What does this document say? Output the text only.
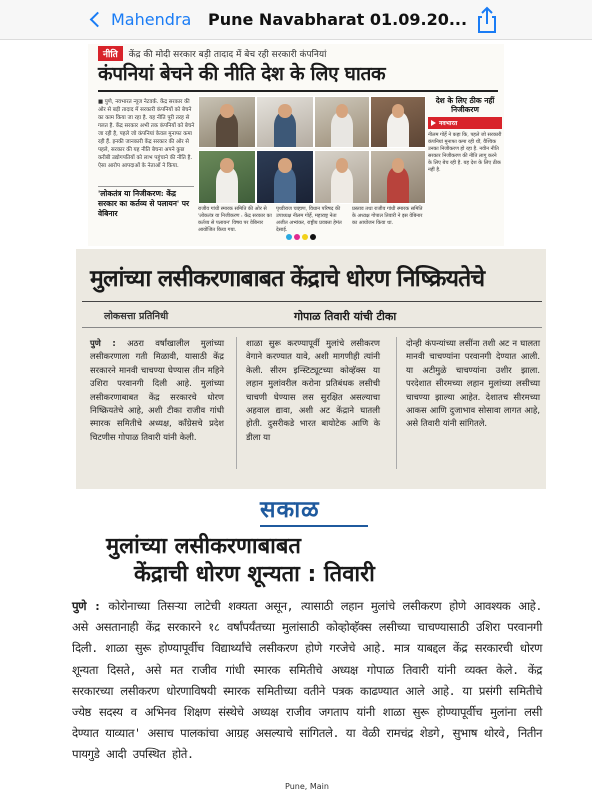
Mahendra Pune Navabharat 01.09.20...
नीति	केंद्र की मोदी सरकार बड़ी तादाद में बेच रही सरकारी कंपनियां
कंपनियां बेचने की नीति देश के लिए घातक
■ पुणे, नवभारत न्यूज नेटवर्क. केंद्र सरकार की ओर से बड़ी तादाद में सरकारी कंपनियों को बेचने का काम किया जा रहा है. यह नीति पूरी तरह से गलत है. केंद्र सरकार अभी तक कंपनियों को बेचने जा रही है, पहले जो कंपनियां केवल मुनाफा कमा रही हैं. इनकी जानकारी केंद्र सरकार की ओर से पहले, सरकार की यह नीति बेचना अपने कुछ करीबी उद्योगपतियों को लाभ पहुंचाने की नीति है. ऐसा आरोप आपदाओं के नेताओं ने किया.
राजीव गांधी स्मारक समिति की ओर से 'लोकतंत्र या निजीकरण : केंद्र सरकार का कर्तव्य से पलायन' विषय पर वेबिनार आयोजित किया गया.
पृथ्वीराज चव्हाण, विधान परिषद की उपाध्यक्ष नीलम गोर्हे, महाराष्ट्र नेता अजीत अभ्यंकर, राष्ट्रीय प्रवक्ता हेमंत देसाई.
प्रस्ताव तथा राजीव गांधी स्मारक समिति के अध्यक्ष गोपाल तिवारी ने इस वेबिनार का आयोजन किया था.
देश के लिए ठीक नहीं निजीकरण
नवभारत
नीलम गोर्हे ने कहा कि, पहले जो सरकारी कंपनियां मुनाफा कमा रही थीं, वैश्विक उनका निजीकरण हो रहा है. नवीन नीति सरकार निजीकरण की नीति लागू करने के लिए बेच रही है. यह देश के लिए ठीक नहीं है.
'लोकतंत्र या निजीकरण: केंद्र सरकार का कर्तव्य से पलायन' पर वेबिनार
मुलांच्या लसीकरणाबाबत केंद्राचे धोरण निष्क्रियतेचे
लोकसत्ता प्रतिनिधी	गोपाळ तिवारी यांची टीका
पुणे : अठरा वर्षांखालील मुलांच्या लसीकरणाला गती मिळावी, यासाठी केंद्र सरकारने मानवी चाचण्या घेण्यास तीन महिने उशिरा परवानगी दिली आहे. मुलांच्या लसीकरणाबाबत केंद्र सरकारचे धोरण निष्क्रियतेचे आहे, अशी टीका राजीव गांधी स्मारक समितीचे अध्यक्ष, काँग्रेसचे प्रदेश चिटणीस गोपाळ तिवारी यांनी केली.
शाळा सुरू करण्यापूर्वी मुलांचे लसीकरण वेगाने करण्यात यावे, अशी मागणीही त्यांनी केली. सीरम इन्स्टिट्यूटच्या कोव्हॅक्स या लहान मुलांवरील करोना प्रतिबंधक लसीची चाचणी घेण्यास लस सुरक्षित असल्याचा अहवाल द्यावा, अशी अट केंद्राने घातली होती. दुसरीकडे भारत बायोटेक आणि के डीला या
दोन्ही कंपन्यांच्या लसींना तशी अट न घालता मानवी चाचण्यांना परवानगी देण्यात आली. या अटीमुळे चाचण्यांना उशीर झाला. परदेशात सीरमच्या लहान मुलांच्या लसीच्या चाचण्या झाल्या आहेत. देशातच सीरमच्या आकस आणि दुजाभाव सोसावा लागत आहे, असे तिवारी यांनी सांगितले.
सकाळ
मुलांच्या लसीकरणाबाबत
केंद्राची धोरण शून्यता : तिवारी
पुणे : कोरोनाच्या तिसऱ्या लाटेची शक्यता असून, त्यासाठी लहान मुलांचे लसीकरण होणे आवश्यक आहे. असे असतानाही केंद्र सरकारने १८ वर्षांपर्यंतच्या मुलांसाठी कोव्होव्हॅक्स लसीच्या चाचण्यासाठी उशिरा परवानगी दिली. शाळा सुरू होण्यापूर्वीच विद्यार्थ्यांचे लसीकरण होणे गरजेचे आहे. मात्र याबद्दल केंद्र सरकारची धोरण शून्यता दिसते, असे मत राजीव गांधी स्मारक समितीचे अध्यक्ष गोपाळ तिवारी यांनी व्यक्त केले. केंद्र सरकारच्या लसीकरण धोरणाविषयी स्मारक समितीच्या वतीने पत्रक काढण्यात आले आहे. या प्रसंगी समितीचे ज्येष्ठ सदस्य व अभिनव शिक्षण संस्थेचे अध्यक्ष राजीव जगताप यांनी शाळा सुरू होण्यापूर्वीच मुलांना लसी देण्यात याव्यात' असाच पालकांचा आग्रह असल्याचे सांगितले. या वेळी रामचंद्र शेडगे, सुभाष थोरवे, नितीन पायगुडे आदी उपस्थित होते.
Pune, Main
